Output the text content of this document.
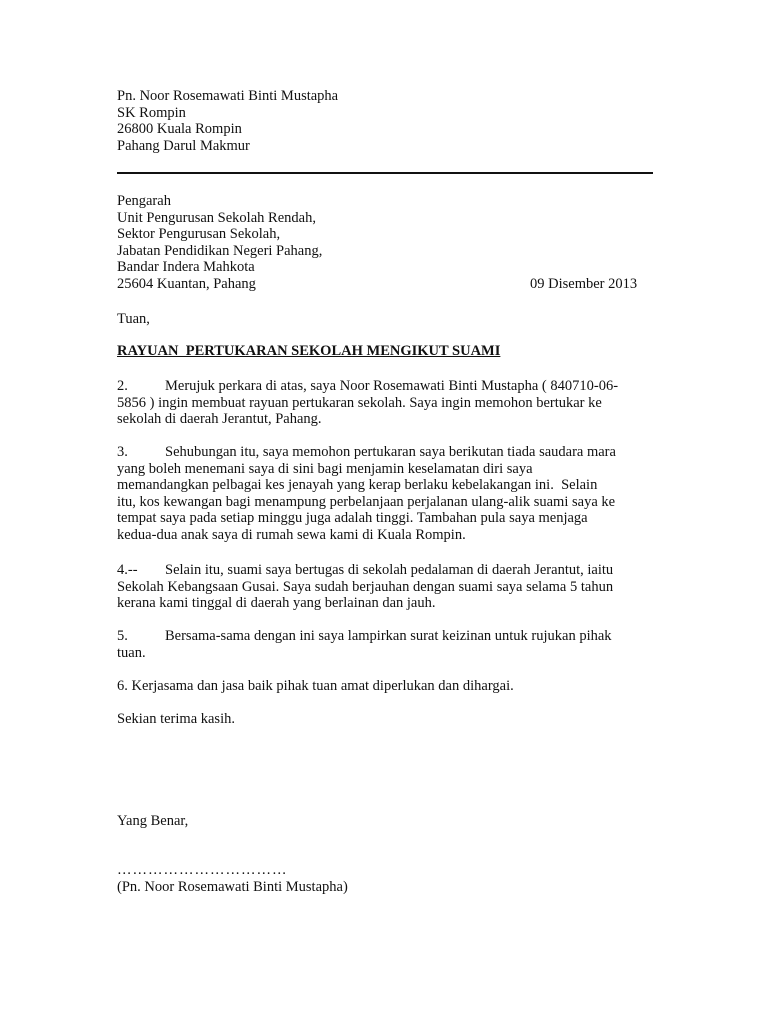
Pn. Noor Rosemawati Binti Mustapha
SK Rompin
26800 Kuala Rompin
Pahang Darul Makmur
Pengarah
Unit Pengurusan Sekolah Rendah,
Sektor Pengurusan Sekolah,
Jabatan Pendidikan Negeri Pahang,
Bandar Indera Mahkota
25604 Kuantan, Pahang	09 Disember 2013
Tuan,
RAYUAN  PERTUKARAN SEKOLAH MENGIKUT SUAMI
2.	Merujuk perkara di atas, saya Noor Rosemawati Binti Mustapha ( 840710-06-
5856 ) ingin membuat rayuan pertukaran sekolah. Saya ingin memohon bertukar ke
sekolah di daerah Jerantut, Pahang.
3.	Sehubungan itu, saya memohon pertukaran saya berikutan tiada saudara mara
yang boleh menemani saya di sini bagi menjamin keselamatan diri saya
memandangkan pelbagai kes jenayah yang kerap berlaku kebelakangan ini.  Selain
itu, kos kewangan bagi menampung perbelanjaan perjalanan ulang-alik suami saya ke
tempat saya pada setiap minggu juga adalah tinggi. Tambahan pula saya menjaga
kedua-dua anak saya di rumah sewa kami di Kuala Rompin.
4.-- Selain itu, suami saya bertugas di sekolah pedalaman di daerah Jerantut, iaitu
Sekolah Kebangsaan Gusai. Saya sudah berjauhan dengan suami saya selama 5 tahun
kerana kami tinggal di daerah yang berlainan dan jauh.
5.	Bersama-sama dengan ini saya lampirkan surat keizinan untuk rujukan pihak
tuan.
6. Kerjasama dan jasa baik pihak tuan amat diperlukan dan dihargai.
Sekian terima kasih.
Yang Benar,
……………………………
(Pn. Noor Rosemawati Binti Mustapha)
